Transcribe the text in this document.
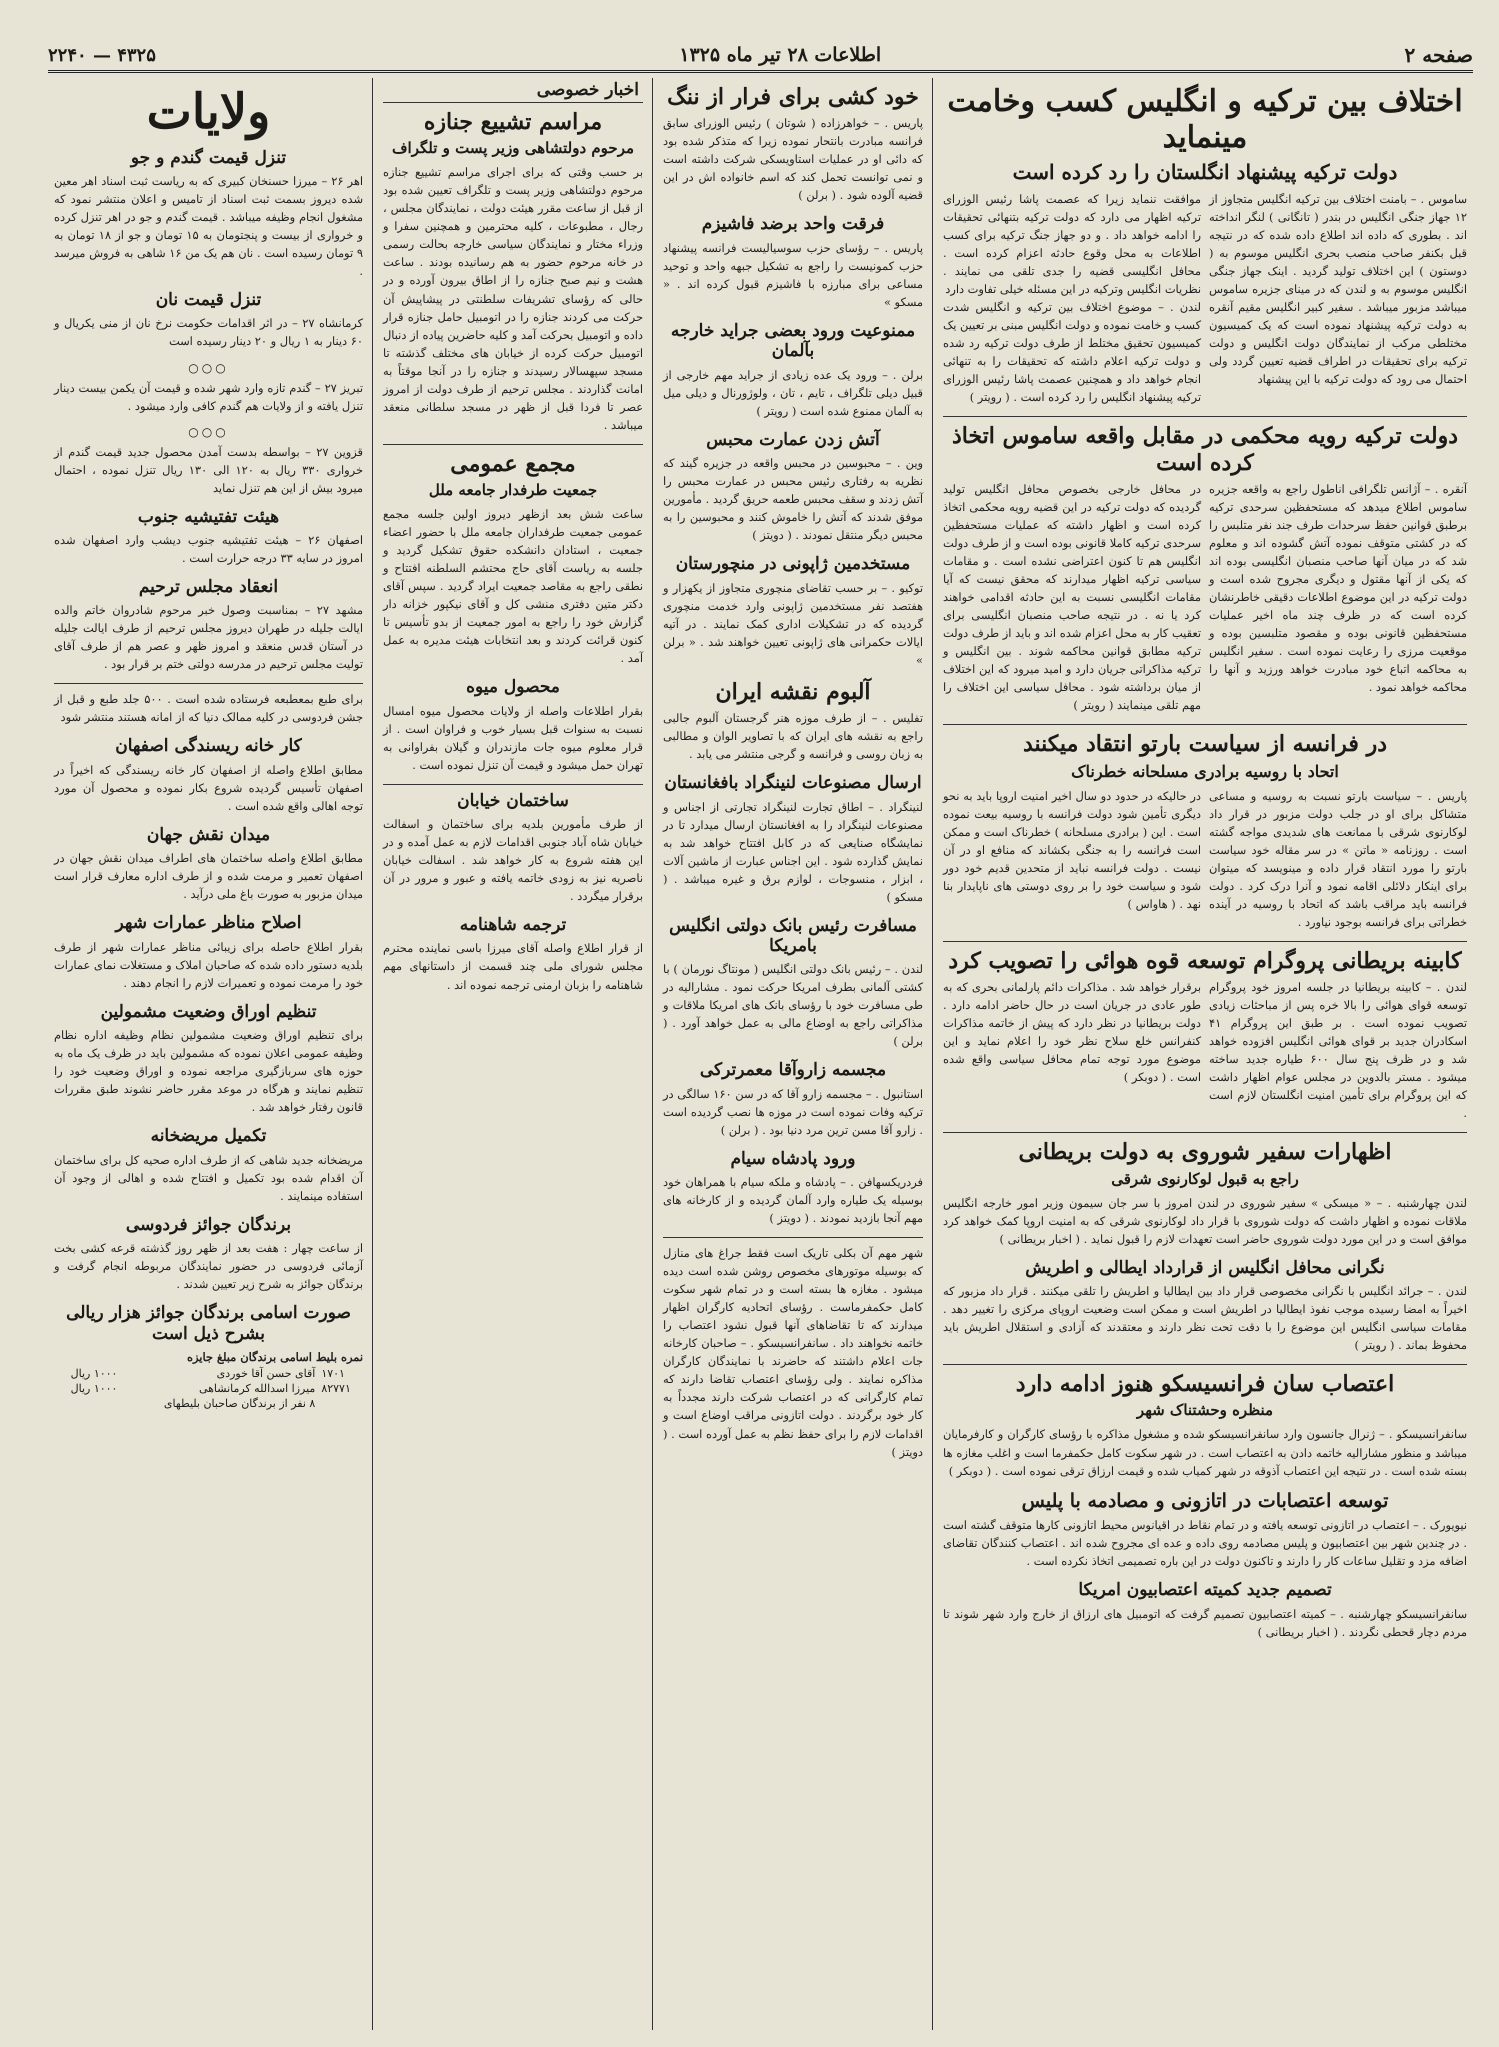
صفحه ۲
اطلاعات ۲۸ تیر ماه ۱۳۲۵
۲۲۴۰ — ۴۳۲۵
اختلاف بین ترکیه و انگلیس کسب وخامت مینماید
دولت ترکیه پیشنهاد انگلستان را رد کرده است

ساموس . – بامنت اختلاف بین ترکیه انگلیس متجاوز از ۱۲ جهاز جنگی انگلیس در بندر ( تانگانی ) لنگر انداخته اند . بطوری که داده اند اطلاع داده شده که در نتیجه قبل بکنفر صاحب منصب بحری انگلیس موسوم به ( دوستون ) این اختلاف تولید گردید . اینک جهاز جنگی انگلیس موسوم به و لندن که در مینای جزیره ساموس میباشد مزبور میباشد . سفیر کبیر انگلیس مقیم آنقره به دولت ترکیه پیشنهاد نموده است که یک کمیسیون مختلطی مرکب از نمایندگان دولت انگلیس و دولت ترکیه برای تحقیقات در اطراف قضیه تعیین گردد ولی احتمال می رود که دولت ترکیه با این پیشنهاد

موافقت ننماید زیرا که عصمت پاشا رئیس الوزرای ترکیه اظهار می دارد که دولت ترکیه بتنهائی تحقیقات را ادامه خواهد داد . و دو جهاز جنگ ترکیه برای کسب اطلاعات به محل وقوع حادثه اعزام کرده است . محافل انگلیسی قضیه را جدی تلقی می نمایند . نظریات انگلیس وترکیه در این مسئله خیلی تفاوت دارد

لندن . – موضوع اختلاف بین ترکیه و انگلیس شدت کسب و خامت نموده و دولت انگلیس مبنی بر تعیین یک کمیسیون تحقیق مختلط از طرف دولت ترکیه رد شده و دولت ترکیه اعلام داشته که تحقیقات را به تنهائی انجام خواهد داد و همچنین عصمت پاشا رئیس الوزرای ترکیه پیشنهاد انگلیس را رد کرده است . ( رویتر )

دولت ترکیه رویه محکمی در مقابل واقعه ساموس اتخاذ کرده است

آنقره . – آژانس تلگرافی اناطول راجع به واقعه جزیره ساموس اطلاع میدهد که مستحفظین سرحدی ترکیه برطبق قوانین حفظ سرحدات طرف جند نفر متلبس را که در کشتی متوقف نموده آتش گشوده اند و معلوم شد که در میان آنها صاحب منصبان انگلیسی بوده اند که یکی از آنها مقتول و دیگری مجروح شده است و دولت ترکیه در این موضوع اطلاعات دقیقی خاطرنشان کرده است که در ظرف چند ماه اخیر عملیات مستحفظین قانونی بوده و مقصود متلبسین بوده و موقعیت مرزی را رعایت نموده است . سفیر انگلیس به محاکمه اتباع خود مبادرت خواهد ورزید و آنها را محاکمه خواهد نمود .

در محافل خارجی بخصوص محافل انگلیس تولید گردیده که دولت ترکیه در این قضیه رویه محکمی اتخاذ کرده است و اظهار داشته که عملیات مستحفظین سرحدی ترکیه کاملا قانونی بوده است و از طرف دولت انگلیس هم تا کنون اعتراضی نشده است . و مقامات سیاسی ترکیه اظهار میدارند که محقق نیست که آیا مقامات انگلیسی نسبت به این حادثه اقدامی خواهند کرد یا نه . در نتیجه صاحب منصبان انگلیسی برای تعقیب کار به محل اعزام شده اند و باید از طرف دولت ترکیه مطابق قوانین محاکمه شوند . بین انگلیس و ترکیه مذاکراتی جریان دارد و امید میرود که این اختلاف از میان برداشته شود . محافل سیاسی این اختلاف را مهم تلقی مینمایند ( رویتر )

در فرانسه از سیاست بارتو انتقاد میکنند
اتحاد با روسیه برادری مسلحانه خطرناک

پاریس . – سیاست بارتو نسبت به روسیه و مساعی متشاکل برای او در جلب دولت مزبور در قرار داد لوکارنوی شرقی با ممانعت های شدیدی مواجه گشته است . روزنامه « ماتن » در سر مقاله خود سیاست بارتو را مورد انتقاد قرار داده و مینویسد که میتوان برای اینکار دلائلی اقامه نمود و آنرا درک کرد . دولت فرانسه باید مراقب باشد که اتحاد با روسیه در آینده خطراتی برای فرانسه بوجود نیاورد .

در حالیکه در حدود دو سال اخیر امنیت اروپا باید به نحو دیگری تأمین شود دولت فرانسه با روسیه بیعت نموده است . این ( برادری مسلحانه ) خطرناک است و ممکن است فرانسه را به جنگی بکشاند که منافع او در آن نیست . دولت فرانسه نباید از متحدین قدیم خود دور شود و سیاست خود را بر روی دوستی های ناپایدار بنا نهد . ( هاواس )

کابینه بریطانی پروگرام توسعه قوه هوائی را تصویب کرد

لندن . – کابینه بریطانیا در جلسه امروز خود پروگرام توسعه قوای هوائی را بالا خره پس از مباحثات زیادی تصویب نموده است . بر طبق این پروگرام ۴۱ اسکادران جدید بر قوای هوائی انگلیس افزوده خواهد شد و در ظرف پنج سال ۶۰۰ طیاره جدید ساخته میشود . مستر بالدوین در مجلس عوام اظهار داشت که این پروگرام برای تأمین امنیت انگلستان لازم است .

برقرار خواهد شد . مذاکرات دائم پارلمانی بحری که به طور عادی در جریان است در حال حاضر ادامه دارد . دولت بریطانیا در نظر دارد که پیش از خاتمه مذاکرات کنفرانس خلع سلاح نظر خود را اعلام نماید و این موضوع مورد توجه تمام محافل سیاسی واقع شده است . ( دوبکر )

اظهارات سفیر شوروی به دولت بریطانی
راجع به قبول لوکارنوی شرقی

لندن چهارشنبه . – « میسکی » سفیر شوروی در لندن امروز با سر جان سیمون وزیر امور خارجه انگلیس ملاقات نموده و اظهار داشت که دولت شوروی با قرار داد لوکارنوی شرقی که به امنیت اروپا کمک خواهد کرد موافق است و در این مورد دولت شوروی حاضر است تعهدات لازم را قبول نماید . ( اخبار بریطانی )

نگرانی محافل انگلیس از قرارداد ایطالی و اطریش

لندن . – جرائد انگلیس با نگرانی مخصوصی قرار داد بین ایطالیا و اطریش را تلقی میکنند . قرار داد مزبور که اخیراً به امضا رسیده موجب نفوذ ایطالیا در اطریش است و ممکن است وضعیت اروپای مرکزی را تغییر دهد . مقامات سیاسی انگلیس این موضوع را با دقت تحت نظر دارند و معتقدند که آزادی و استقلال اطریش باید محفوظ بماند . ( رویتر )

اعتصاب سان فرانسیسکو هنوز ادامه دارد
منظره وحشتناک شهر

سانفرانسیسکو . – ژنرال جانسون وارد سانفرانسیسکو شده و مشغول مذاکره با رؤسای کارگران و کارفرمایان میباشد و منظور مشارالیه خاتمه دادن به اعتصاب است . در شهر سکوت کامل حکمفرما است و اغلب مغازه ها بسته شده است . در نتیجه این اعتصاب آذوقه در شهر کمیاب شده و قیمت ارزاق ترقی نموده است . ( دوبکر )

توسعه اعتصابات در اتازونی و مصادمه با پلیس

نیویورک . – اعتصاب در اتازونی توسعه یافته و در تمام نقاط در اقیانوس محیط اتازونی کارها متوقف گشته است . در چندین شهر بین اعتصابیون و پلیس مصادمه روی داده و عده ای مجروح شده اند . اعتصاب کنندگان تقاضای اضافه مزد و تقلیل ساعات کار را دارند و تاکنون دولت در این باره تصمیمی اتخاذ نکرده است .

تصمیم جدید کمیته اعتصابیون امریکا

سانفرانسیسکو چهارشنبه . – کمیته اعتصابیون تصمیم گرفت که اتومبیل های ارزاق از خارج وارد شهر شوند تا مردم دچار قحطی نگردند . ( اخبار بریطانی )

خود کشی برای فرار از ننگ

پاریس . – خواهرزاده ( شوتان ) رئیس الوزرای سابق فرانسه مبادرت بانتحار نموده زیرا که متذکر شده بود که دائی او در عملیات استاویسکی شرکت داشته است و نمی توانست تحمل کند که اسم خانواده اش در این قضیه آلوده شود . ( برلن )

فرقت واحد برضد فاشیزم

پاریس . – رؤسای حزب سوسیالیست فرانسه پیشنهاد حزب کمونیست را راجع به تشکیل جبهه واحد و توحید مساعی برای مبارزه با فاشیزم قبول کرده اند . « مسکو »

ممنوعیت ورود بعضی جراید خارجه بآلمان

برلن . – ورود یک عده زیادی از جراید مهم خارجی از قبیل دیلی تلگراف ، تایم ، تان ، ولوژورنال و دیلی میل به آلمان ممنوع شده است ( رویتر )

آتش زدن عمارت محبس

وین . – محبوسین در محبس واقعه در جزیره گیند که نظریه به رفتاری رئیس محبس در عمارت محبس را آتش زدند و سقف محبس طعمه حریق گردید . مأمورین موفق شدند که آتش را خاموش کنند و محبوسین را به محبس دیگر منتقل نمودند . ( دویتز )

مستخدمین ژاپونی در منچورستان

توکیو . – بر حسب تقاضای منچوری متجاوز از یکهزار و هفتصد نفر مستخدمین ژاپونی وارد خدمت منچوری گردیده که در تشکیلات اداری کمک نمایند . در آتیه ایالات حکمرانی های ژاپونی تعیین خواهند شد . « برلن »

آلبوم نقشه ایران

تفلیس . – از طرف موزه هنر گرجستان آلبوم جالبی راجع به نقشه های ایران که با تصاویر الوان و مطالبی به زبان روسی و فرانسه و گرجی منتشر می یابد .

ارسال مصنوعات لنینگراد بافغانستان

لنینگراد . – اطاق تجارت لنینگراد تجارتی از اجناس و مصنوعات لنینگراد را به افغانستان ارسال میدارد تا در نمایشگاه صنایعی که در کابل افتتاح خواهد شد به نمایش گذارده شود . این اجناس عبارت از ماشین آلات ، ابزار ، منسوجات ، لوازم برق و غیره میباشد . ( مسکو )

مسافرت رئیس بانک دولتی انگلیس بامریکا

لندن . – رئیس بانک دولتی انگلیس ( مونتاگ نورمان ) با کشتی آلمانی بطرف امریکا حرکت نمود . مشارالیه در طی مسافرت خود با رؤسای بانک های امریکا ملاقات و مذاکراتی راجع به اوضاع مالی به عمل خواهد آورد . ( برلن )

مجسمه زاروآقا معمرترکی

استانبول . – مجسمه زارو آقا که در سن ۱۶۰ سالگی در ترکیه وفات نموده است در موزه ها نصب گردیده است . زارو آقا مسن ترین مرد دنیا بود . ( برلن )

ورود پادشاه سیام

فردریکسهافن . – پادشاه و ملکه سیام با همراهان خود بوسیله یک طیاره وارد آلمان گردیده و از کارخانه های مهم آنجا بازدید نمودند . ( دویتز )

شهر مهم آن بکلی تاریک است فقط جراغ های منازل که بوسیله موتورهای مخصوص روشن شده است دیده میشود . مغازه ها بسته است و در تمام شهر سکوت کامل حکمفرماست . رؤسای اتحادیه کارگران اظهار میدارند که تا تقاضاهای آنها قبول نشود اعتصاب را خاتمه نخواهند داد . سانفرانسیسکو . – صاحبان کارخانه جات اعلام داشتند که حاضرند با نمایندگان کارگران مذاکره نمایند . ولی رؤسای اعتصاب تقاضا دارند که تمام کارگرانی که در اعتصاب شرکت دارند مجدداً به کار خود برگردند . دولت اتازونی مراقب اوضاع است و اقدامات لازم را برای حفظ نظم به عمل آورده است . ( دویتز )

اخبار خصوصی
مراسم تشییع جنازه
مرحوم دولتشاهی وزیر پست و تلگراف

بر حسب وقتی که برای اجرای مراسم تشییع جنازه مرحوم دولتشاهی وزیر پست و تلگراف تعیین شده بود از قبل از ساعت مقرر هیئت دولت ، نمایندگان مجلس ، رجال ، مطبوعات ، کلیه محترمین و همچنین سفرا و وزراء مختار و نمایندگان سیاسی خارجه بحالت رسمی در خانه مرحوم حضور به هم رسانیده بودند . ساعت هشت و نیم صبح جنازه را از اطاق بیرون آورده و در حالی که رؤسای تشریفات سلطنتی در پیشاپیش آن حرکت می کردند جنازه را در اتومبیل حامل جنازه قرار داده و اتومبیل بحرکت آمد و کلیه حاضرین پیاده از دنبال اتومبیل حرکت کرده از خیابان های مختلف گذشته تا مسجد سپهسالار رسیدند و جنازه را در آنجا موقتاً به امانت گذاردند . مجلس ترحیم از طرف دولت از امروز عصر تا فردا قبل از ظهر در مسجد سلطانی منعقد میباشد .

مجمع عمومی
جمعیت طرفدار جامعه ملل

ساعت شش بعد ازظهر دیروز اولین جلسه مجمع عمومی جمعیت طرفداران جامعه ملل با حضور اعضاء جمعیت ، استادان دانشکده حقوق تشکیل گردید و جلسه به ریاست آقای حاج محتشم السلطنه افتتاح و نطقی راجع به مقاصد جمعیت ایراد گردید . سپس آقای دکتر متین دفتری منشی کل و آقای نیکپور خزانه دار گزارش خود را راجع به امور جمعیت از بدو تأسیس تا کنون قرائت کردند و بعد انتخابات هیئت مدیره به عمل آمد .

محصول میوه

بقرار اطلاعات واصله از ولایات محصول میوه امسال نسبت به سنوات قبل بسیار خوب و فراوان است . از قرار معلوم میوه جات مازندران و گیلان بفراوانی به تهران حمل میشود و قیمت آن تنزل نموده است .

ساختمان خیابان

از طرف مأمورین بلدیه برای ساختمان و اسفالت خیابان شاه آباد جنوبی اقدامات لازم به عمل آمده و در این هفته شروع به کار خواهد شد . اسفالت خیابان ناصریه نیز به زودی خاتمه یافته و عبور و مرور در آن برقرار میگردد .

ترجمه شاهنامه

از قرار اطلاع واصله آقای میرزا باسی نماینده محترم مجلس شورای ملی چند قسمت از داستانهای مهم شاهنامه را بزبان ارمنی ترجمه نموده اند .

ولایات
تنزل قیمت گندم و جو

اهر ۲۶ – میرزا حسنخان کبیری که به ریاست ثبت اسناد اهر معین شده دیروز بسمت ثبت اسناد از تامیس و اعلان منتشر نمود که مشغول انجام وظیفه میباشد . قیمت گندم و جو در اهر تنزل کرده و خرواری از بیست و پنجتومان به ۱۵ تومان و جو از ۱۸ تومان به ۹ تومان رسیده است . نان هم یک من ۱۶ شاهی به فروش میرسد .

تنزل قیمت نان

کرمانشاه ۲۷ – در اثر اقدامات حکومت نرخ نان از منی یکریال و ۶۰ دینار به ۱ ریال و ۲۰ دینار رسیده است

○○○

تبریز ۲۷ – گندم تازه وارد شهر شده و قیمت آن یکمن بیست دینار تنزل یافته و از ولایات هم گندم کافی وارد میشود .

○○○

قزوین ۲۷ – بواسطه بدست آمدن محصول جدید قیمت گندم از خرواری ۳۳۰ ریال به ۱۲۰ الی ۱۳۰ ریال تنزل نموده ، احتمال میرود بیش از این هم تنزل نماید

هیئت تفتیشیه جنوب

اصفهان ۲۶ – هیئت تفتیشیه جنوب دیشب وارد اصفهان شده امروز در سایه ۳۳ درجه حرارت است .

انعقاد مجلس ترحیم

مشهد ۲۷ – بمناسبت وصول خبر مرحوم شادروان خاتم والده ایالت جلیله در طهران دیروز مجلس ترحیم از طرف ایالت جلیله در آستان قدس منعقد و امروز ظهر و عصر هم از طرف آقای تولیت مجلس ترحیم در مدرسه دولتی ختم بر قرار بود .

برای طبع بمعطبعه فرستاده شده است . ۵۰۰ جلد طبع و قبل از جشن فردوسی در کلیه ممالک دنیا که از امانه هستند منتشر شود

کار خانه ریسندگی اصفهان

مطابق اطلاع واصله از اصفهان کار خانه ریسندگی که اخیراً در اصفهان تأسیس گردیده شروع بکار نموده و محصول آن مورد توجه اهالی واقع شده است .

میدان نقش جهان

مطابق اطلاع واصله ساختمان های اطراف میدان نقش جهان در اصفهان تعمیر و مرمت شده و از طرف اداره معارف قرار است میدان مزبور به صورت باغ ملی درآید .

اصلاح مناظر عمارات شهر

بقرار اطلاع حاصله برای زیبائی مناظر عمارات شهر از طرف بلدیه دستور داده شده که صاحبان املاک و مستغلات نمای عمارات خود را مرمت نموده و تعمیرات لازم را انجام دهند .

تنظیم اوراق وضعیت مشمولین

برای تنظیم اوراق وضعیت مشمولین نظام وظیفه اداره نظام وظیفه عمومی اعلان نموده که مشمولین باید در ظرف یک ماه به حوزه های سربازگیری مراجعه نموده و اوراق وضعیت خود را تنظیم نمایند و هرگاه در موعد مقرر حاضر نشوند طبق مقررات قانون رفتار خواهد شد .

تکمیل مریضخانه

مریضخانه جدید شاهی که از طرف اداره صحیه کل برای ساختمان آن اقدام شده بود تکمیل و افتتاح شده و اهالی از وجود آن استفاده مینمایند .

برندگان جوائز فردوسی

از ساعت چهار : هفت بعد از ظهر روز گذشته قرعه کشی بخت آزمائی فردوسی در حضور نمایندگان مربوطه انجام گرفت و برندگان جوائز به شرح زیر تعیین شدند .

صورت اسامی برندگان جوائز هزار ریالی بشرح ذیل است
نمره بلیط اسامی برندگان مبلغ جایزه
۱۷۰۱	آقای حسن آقا خوردی	۱۰۰۰ ریال
۸۲۷۷۱	میرزا اسدالله کرمانشاهی	۱۰۰۰ ریال
	۸ نفر از برندگان صاحبان بلیطهای	
